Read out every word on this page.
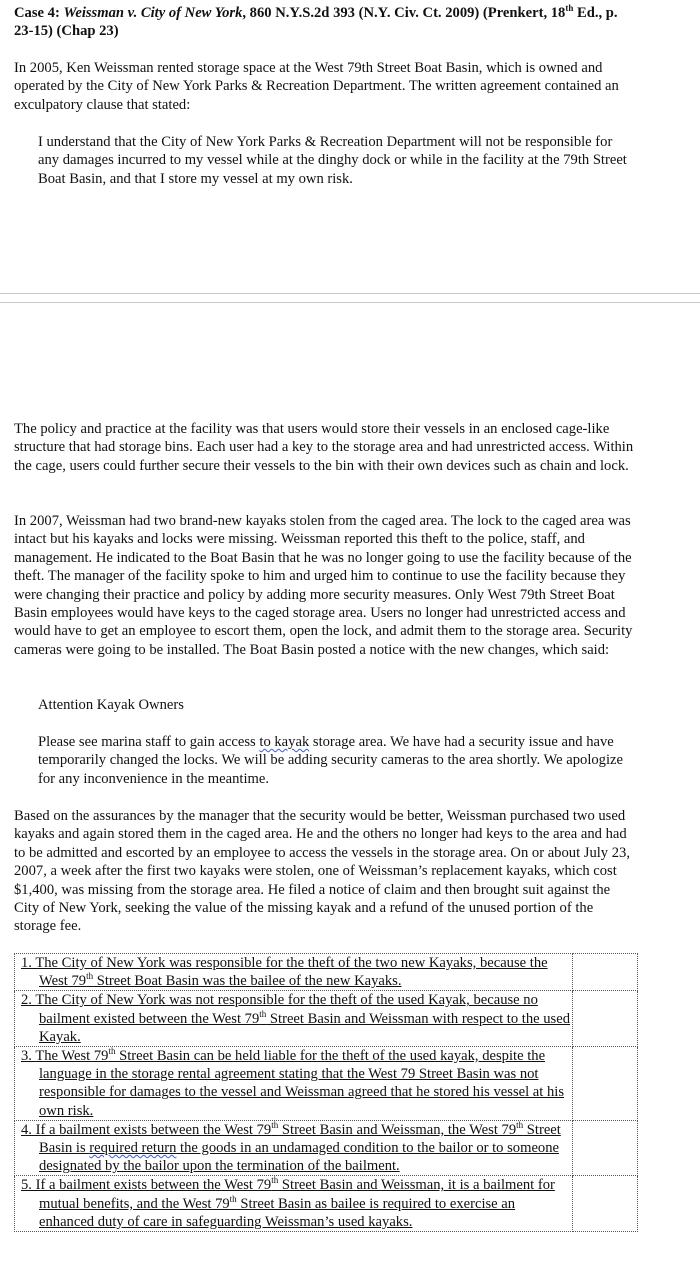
Case 4: Weissman v. City of New York, 860 N.Y.S.2d 393 (N.Y. Civ. Ct. 2009) (Prenkert, 18th Ed., p. 23-15) (Chap 23)

In 2005, Ken Weissman rented storage space at the West 79th Street Boat Basin, which is owned and operated by the City of New York Parks & Recreation Department. The written agreement contained an exculpatory clause that stated:

I understand that the City of New York Parks & Recreation Department will not be responsible for any damages incurred to my vessel while at the dinghy dock or while in the facility at the 79th Street Boat Basin, and that I store my vessel at my own risk.

The policy and practice at the facility was that users would store their vessels in an enclosed cage-like structure that had storage bins. Each user had a key to the storage area and had unrestricted access. Within the cage, users could further secure their vessels to the bin with their own devices such as chain and lock.

In 2007, Weissman had two brand-new kayaks stolen from the caged area. The lock to the caged area was intact but his kayaks and locks were missing. Weissman reported this theft to the police, staff, and management. He indicated to the Boat Basin that he was no longer going to use the facility because of the theft. The manager of the facility spoke to him and urged him to continue to use the facility because they were changing their practice and policy by adding more security measures. Only West 79th Street Boat Basin employees would have keys to the caged storage area. Users no longer had unrestricted access and would have to get an employee to escort them, open the lock, and admit them to the storage area. Security cameras were going to be installed. The Boat Basin posted a notice with the new changes, which said:

Attention Kayak Owners

Please see marina staff to gain access to kayak storage area. We have had a security issue and have temporarily changed the locks. We will be adding security cameras to the area shortly. We apologize for any inconvenience in the meantime.

Based on the assurances by the manager that the security would be better, Weissman purchased two used kayaks and again stored them in the caged area. He and the others no longer had keys to the area and had to be admitted and escorted by an employee to access the vessels in the storage area. On or about July 23, 2007, a week after the first two kayaks were stolen, one of Weissman’s replacement kayaks, which cost $1,400, was missing from the storage area. He filed a notice of claim and then brought suit against the City of New York, seeking the value of the missing kayak and a refund of the unused portion of the storage fee.

1. The City of New York was responsible for the theft of the two new Kayaks, because the West 79th Street Boat Basin was the bailee of the new Kayaks.	

2. The City of New York was not responsible for the theft of the used Kayak, because no bailment existed between the West 79th Street Basin and Weissman with respect to the used Kayak.	

3. The West 79th Street Basin can be held liable for the theft of the used kayak, despite the language in the storage rental agreement stating that the West 79 Street Basin was not responsible for damages to the vessel and Weissman agreed that he stored his vessel at his own risk.	

4. If a bailment exists between the West 79th Street Basin and Weissman, the West 79th Street Basin is required return the goods in an undamaged condition to the bailor or to someone designated by the bailor upon the termination of the bailment.	

5. If a bailment exists between the West 79th Street Basin and Weissman, it is a bailment for mutual benefits, and the West 79th Street Basin as bailee is required to exercise an enhanced duty of care in safeguarding Weissman’s used kayaks.	
